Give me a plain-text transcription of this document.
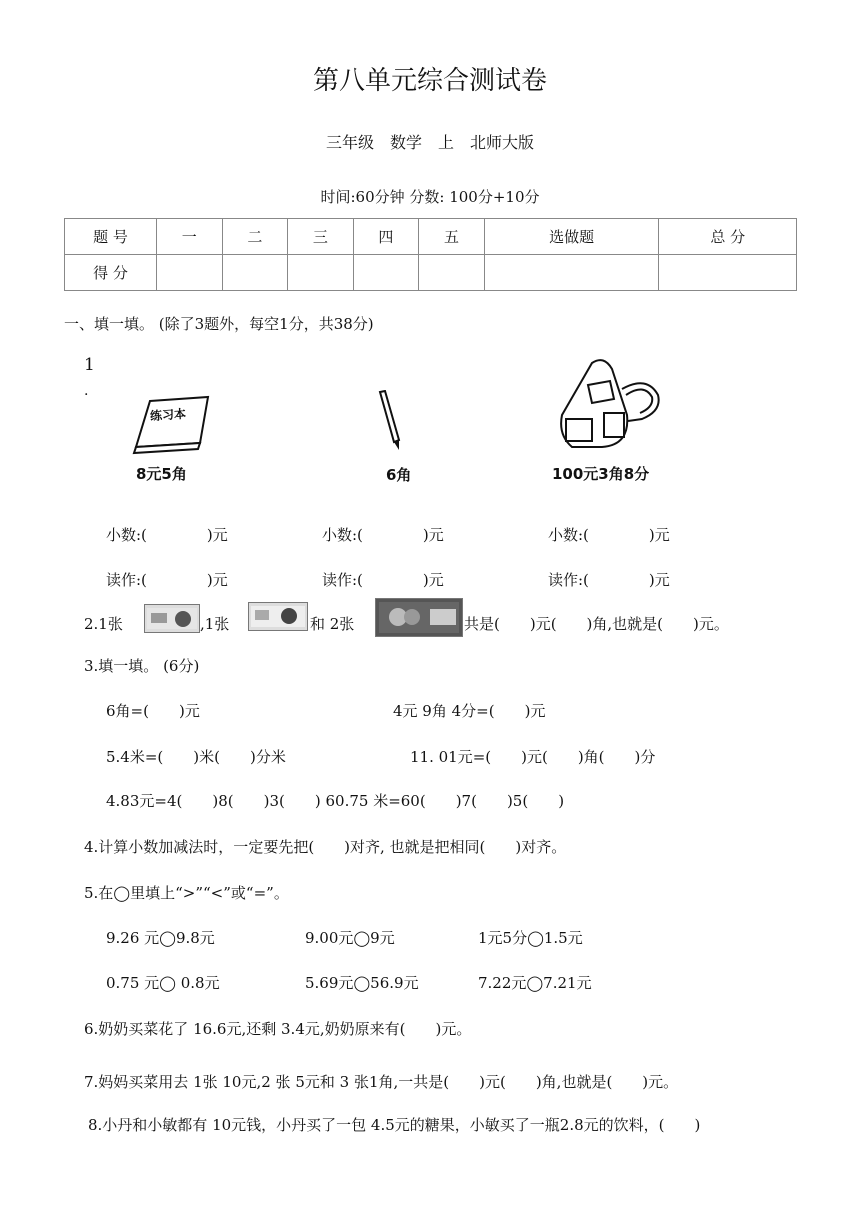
第八单元综合测试卷
三年级　数学　上　北师大版
时间:60分钟 分数: 100分+10分
题 号	一	二	三	四	五	选做题	总 分
得 分							
一、填一填。 (除了3题外，每空1分，共38分)
1
.
练习本
8元5角	6角	100元3角8分
小数:(　　　　)元	小数:(　　　　)元	小数:(　　　　)元
读作:(　　　　)元	读作:(　　　　)元	读作:(　　　　)元
2.1张	,1张	和 2张	共是(　　)元(　　)角,也就是(　　)元。
3.填一填。 (6分)
6角=(　　)元	4元 9角 4分=(　　)元
5.4米=(　　)米(　　)分米	11. 01元=(　　)元(　　)角(　　)分
4.83元=4(　　)8(　　)3(　　) 60.75 米=60(　　)7(　　)5(　　)
4.计算小数加减法时，一定要先把(　　)对齐, 也就是把相同(　　)对齐。
5.在◯里填上“>”“<”或“=”。
9.26 元◯9.8元	9.00元◯9元	1元5分◯1.5元
0.75 元◯ 0.8元	5.69元◯56.9元	7.22元◯7.21元
6.奶奶买菜花了 16.6元,还剩 3.4元,奶奶原来有(　　)元。
7.妈妈买菜用去 1张 10元,2 张 5元和 3 张1角,一共是(　　)元(　　)角,也就是(　　)元。
8.小丹和小敏都有 10元钱，小丹买了一包 4.5元的糖果，小敏买了一瓶2.8元的饮料，(　　)
